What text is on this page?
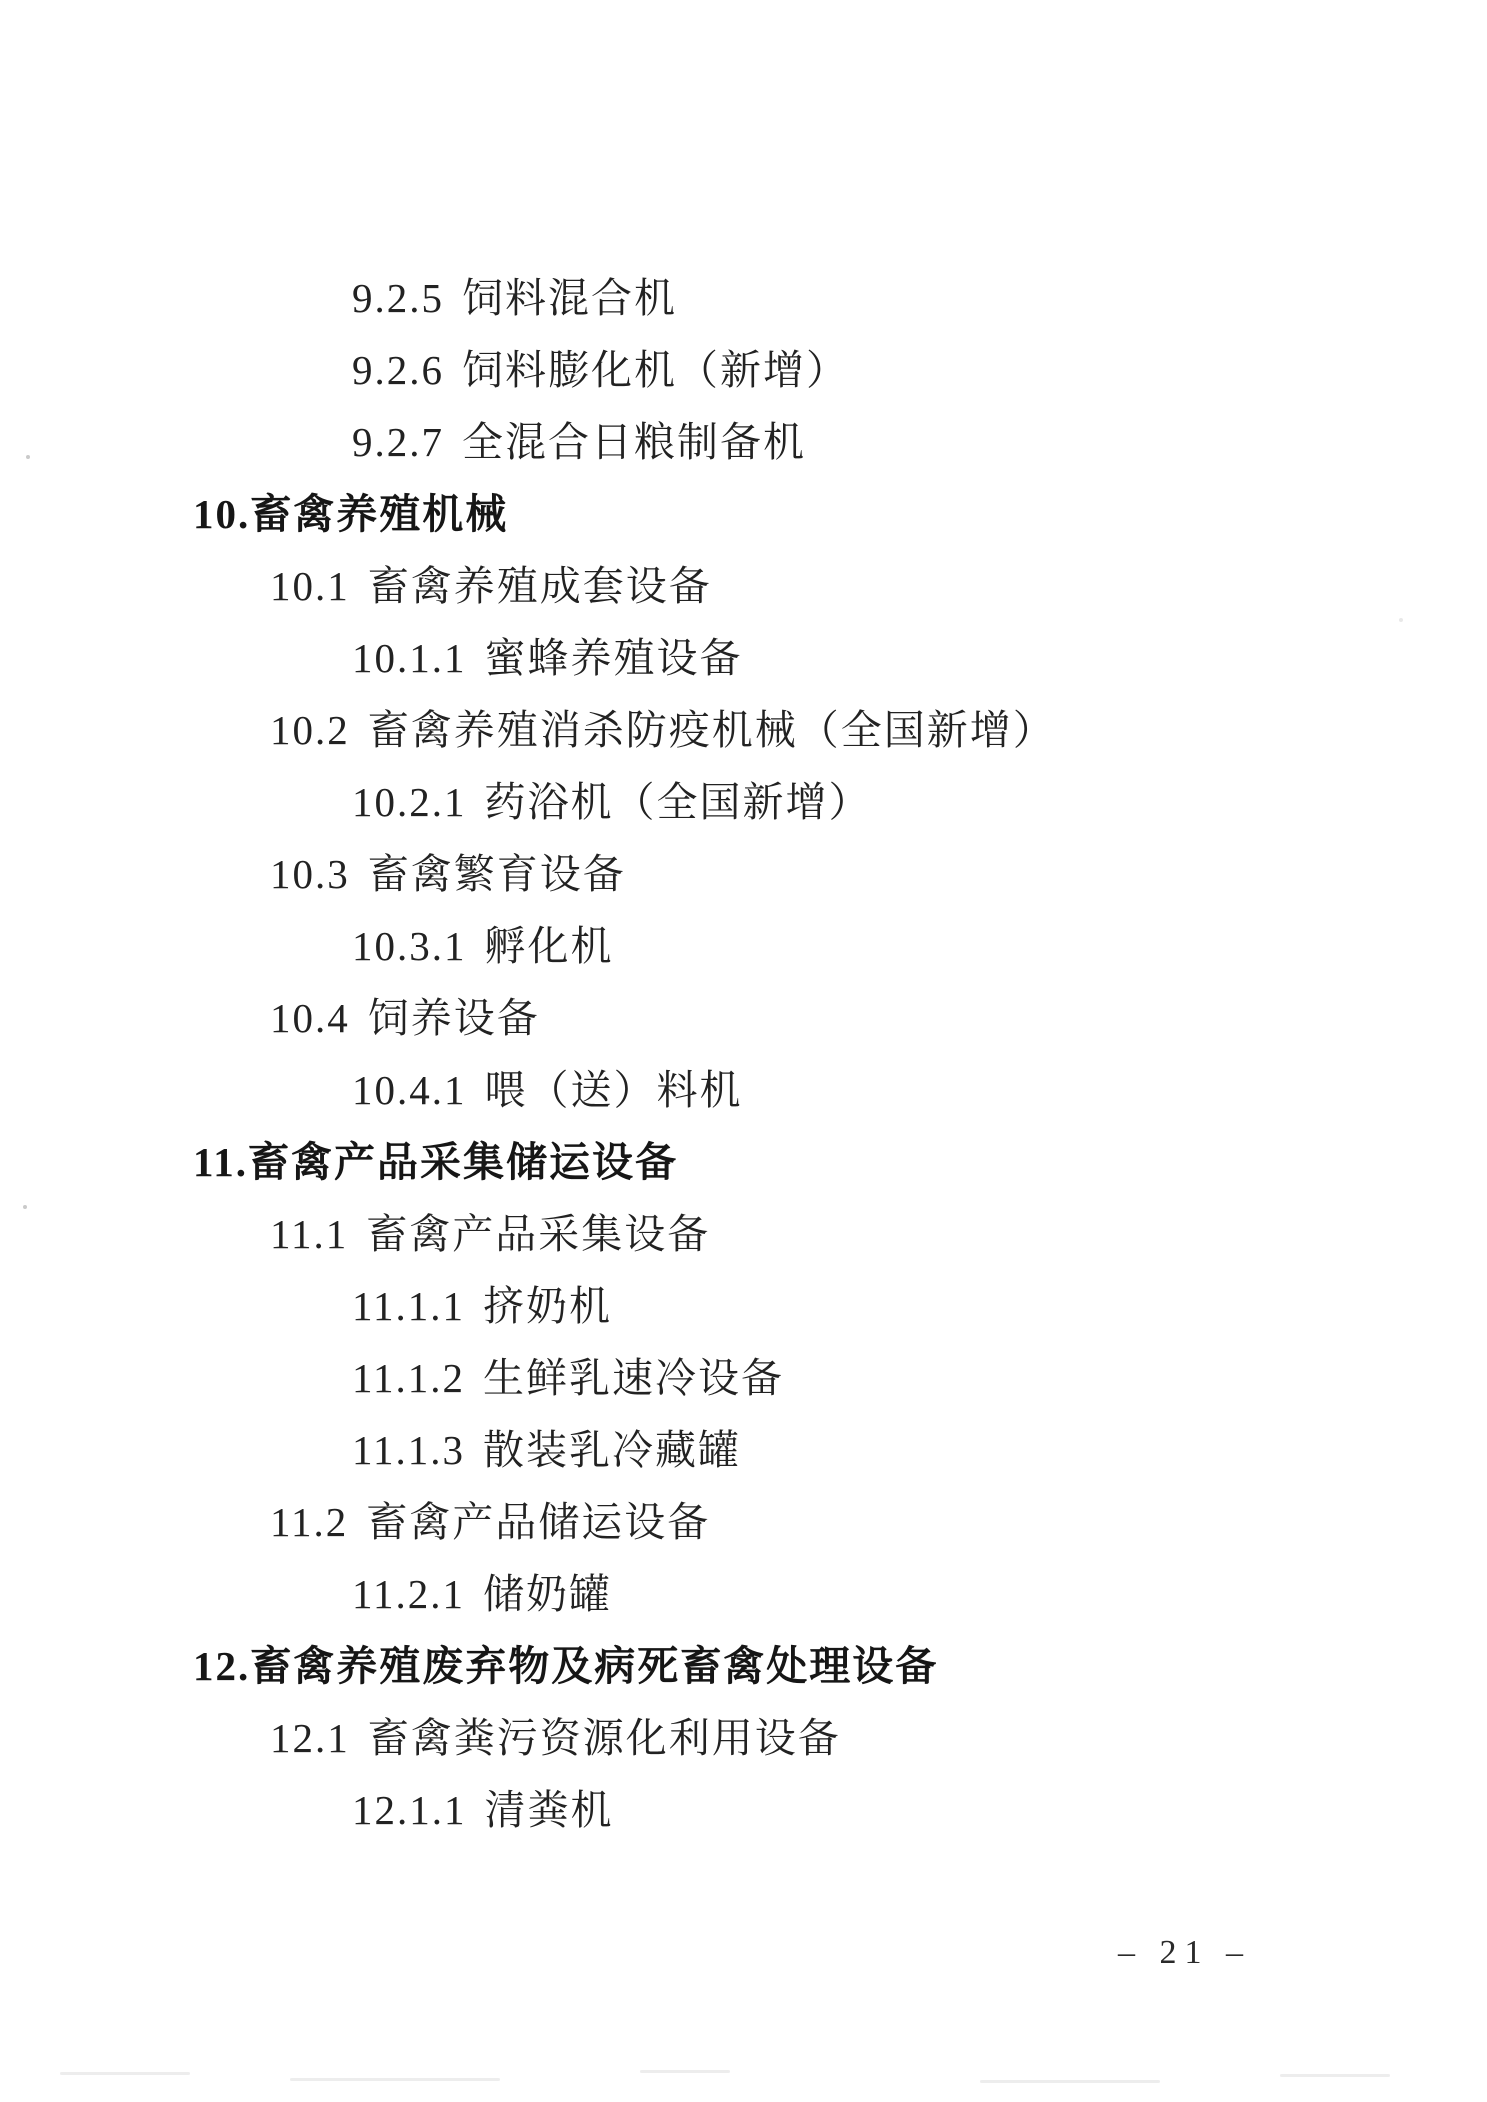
9.2.5 饲料混合机
9.2.6 饲料膨化机（新增）
9.2.7 全混合日粮制备机
10.畜禽养殖机械
10.1 畜禽养殖成套设备
10.1.1 蜜蜂养殖设备
10.2 畜禽养殖消杀防疫机械（全国新增）
10.2.1 药浴机（全国新增）
10.3 畜禽繁育设备
10.3.1 孵化机
10.4 饲养设备
10.4.1 喂（送）料机
11.畜禽产品采集储运设备
11.1 畜禽产品采集设备
11.1.1 挤奶机
11.1.2 生鲜乳速冷设备
11.1.3 散装乳冷藏罐
11.2 畜禽产品储运设备
11.2.1 储奶罐
12.畜禽养殖废弃物及病死畜禽处理设备
12.1 畜禽粪污资源化利用设备
12.1.1 清粪机
– 21 –
